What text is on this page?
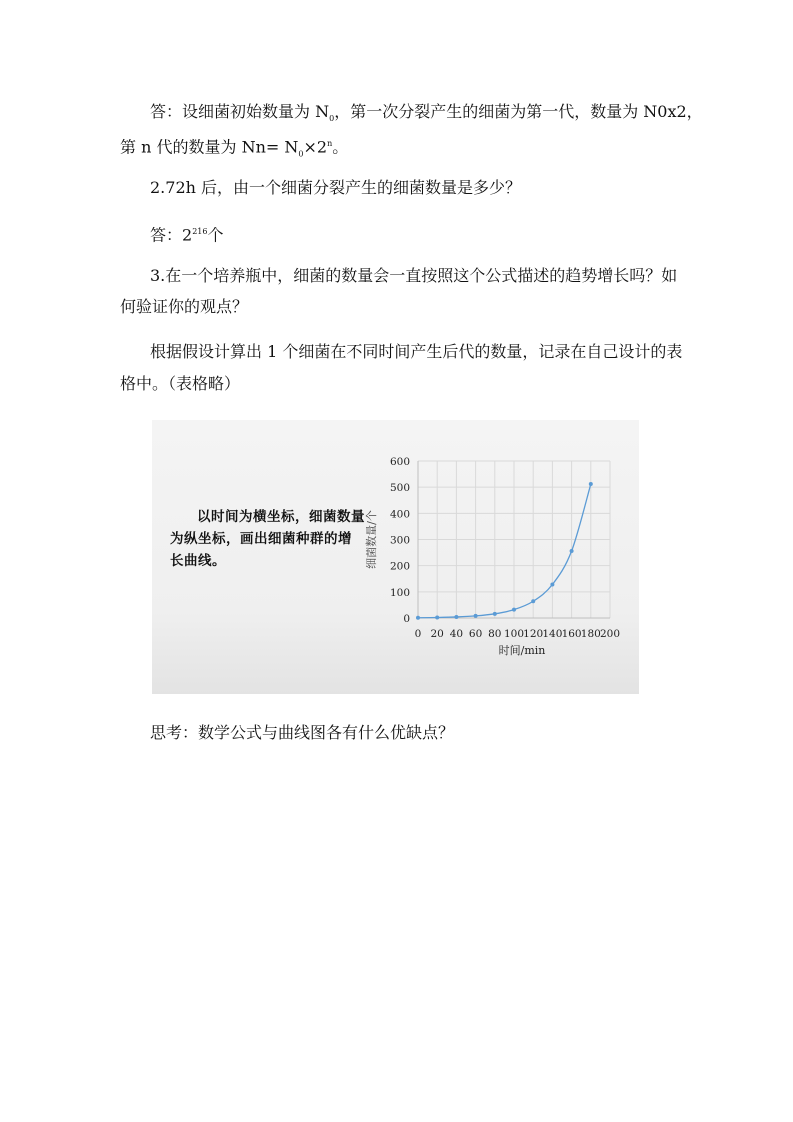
答：设细菌初始数量为 $N_0$，第一次分裂产生的细菌为第一代，数量为 N0x2，
第 n 代的数量为 $Nn= N_0\times 2^n$。
2.72h 后，由一个细菌分裂产生的细菌数量是多少？
答：$2^{216}$个
3.在一个培养瓶中，细菌的数量会一直按照这个公式描述的趋势增长吗？如
何验证你的观点？
根据假设计算出 1 个细菌在不同时间产生后代的数量，记录在自己设计的表
格中。（表格略）
以时间为横坐标，细菌数量为纵坐标，画出细菌种群的增长曲线。
0 20 40 60 80 100 120 140 160 180 200
0
100
200
300
400
500
600
时间/min
细菌数量/个
思考：数学公式与曲线图各有什么优缺点？
